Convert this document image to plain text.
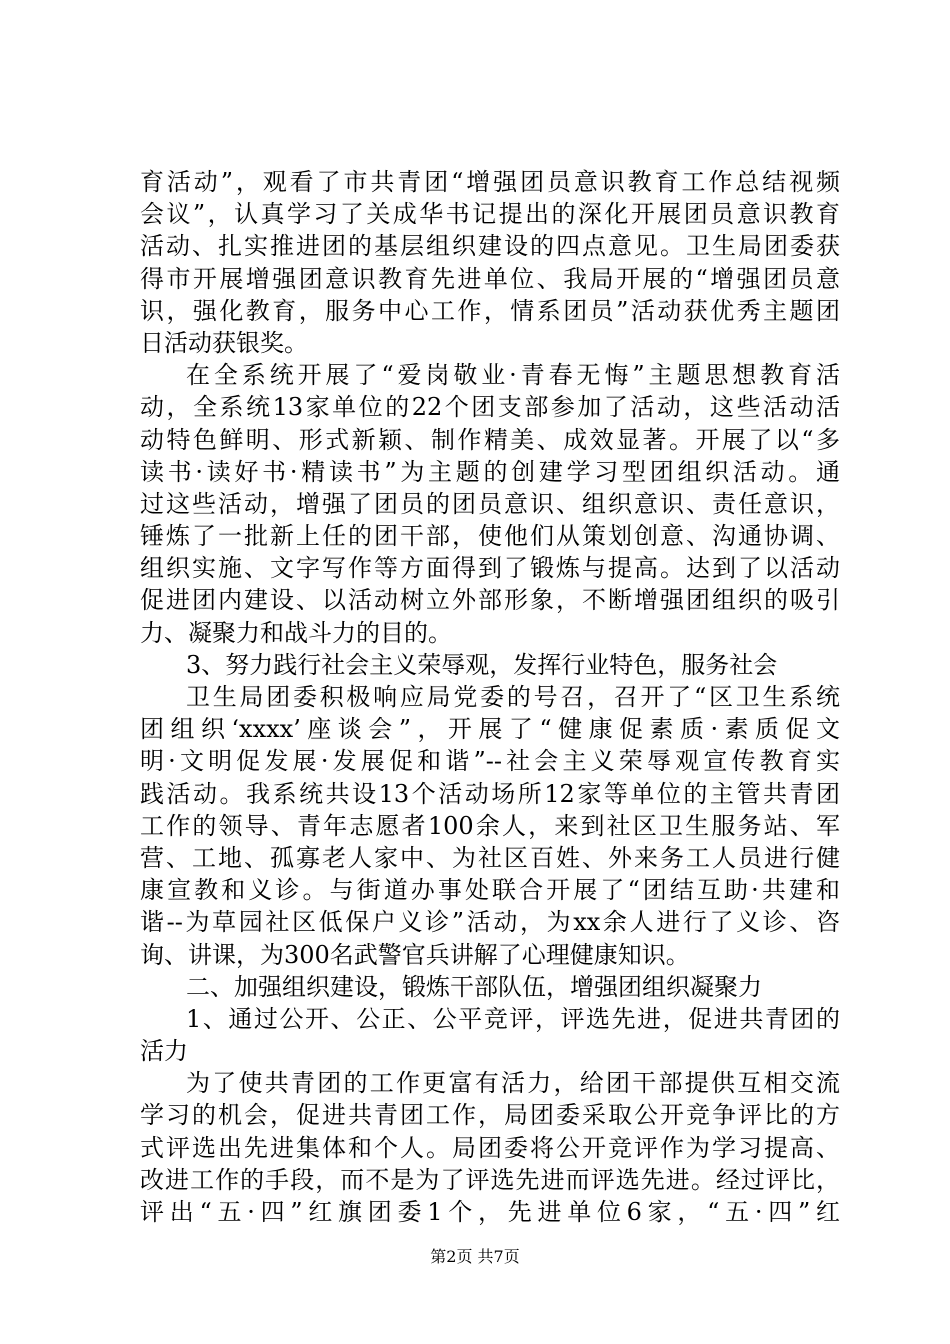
育活动”，观看了市共青团“增强团员意识教育工作总结视频
会议”，认真学习了关成华书记提出的深化开展团员意识教育
活动、扎实推进团的基层组织建设的四点意见。卫生局团委获
得市开展增强团意识教育先进单位、我局开展的“增强团员意
识，强化教育，服务中心工作，情系团员”活动获优秀主题团
日活动获银奖。
在全系统开展了“爱岗敬业·青春无悔”主题思想教育活
动，全系统13家单位的22个团支部参加了活动，这些活动活
动特色鲜明、形式新颖、制作精美、成效显著。开展了以“多
读书·读好书·精读书”为主题的创建学习型团组织活动。通
过这些活动，增强了团员的团员意识、组织意识、责任意识，
锤炼了一批新上任的团干部，使他们从策划创意、沟通协调、
组织实施、文字写作等方面得到了锻炼与提高。达到了以活动
促进团内建设、以活动树立外部形象，不断增强团组织的吸引
力、凝聚力和战斗力的目的。
3、努力践行社会主义荣辱观，发挥行业特色，服务社会
卫生局团委积极响应局党委的号召，召开了“区卫生系统
团组织‘xxxx’座谈会”，开展了“健康促素质·素质促文
明·文明促发展·发展促和谐”--社会主义荣辱观宣传教育实
践活动。我系统共设13个活动场所12家等单位的主管共青团
工作的领导、青年志愿者100余人，来到社区卫生服务站、军
营、工地、孤寡老人家中、为社区百姓、外来务工人员进行健
康宣教和义诊。与街道办事处联合开展了“团结互助·共建和
谐--为草园社区低保户义诊”活动，为xx余人进行了义诊、咨
询、讲课，为300名武警官兵讲解了心理健康知识。
二、加强组织建设，锻炼干部队伍，增强团组织凝聚力
1、通过公开、公正、公平竞评，评选先进，促进共青团的
活力
为了使共青团的工作更富有活力，给团干部提供互相交流
学习的机会，促进共青团工作，局团委采取公开竞争评比的方
式评选出先进集体和个人。局团委将公开竞评作为学习提高、
改进工作的手段，而不是为了评选先进而评选先进。经过评比，
评出“五·四”红旗团委1个，先进单位6家，“五·四”红
第2页 共7页
